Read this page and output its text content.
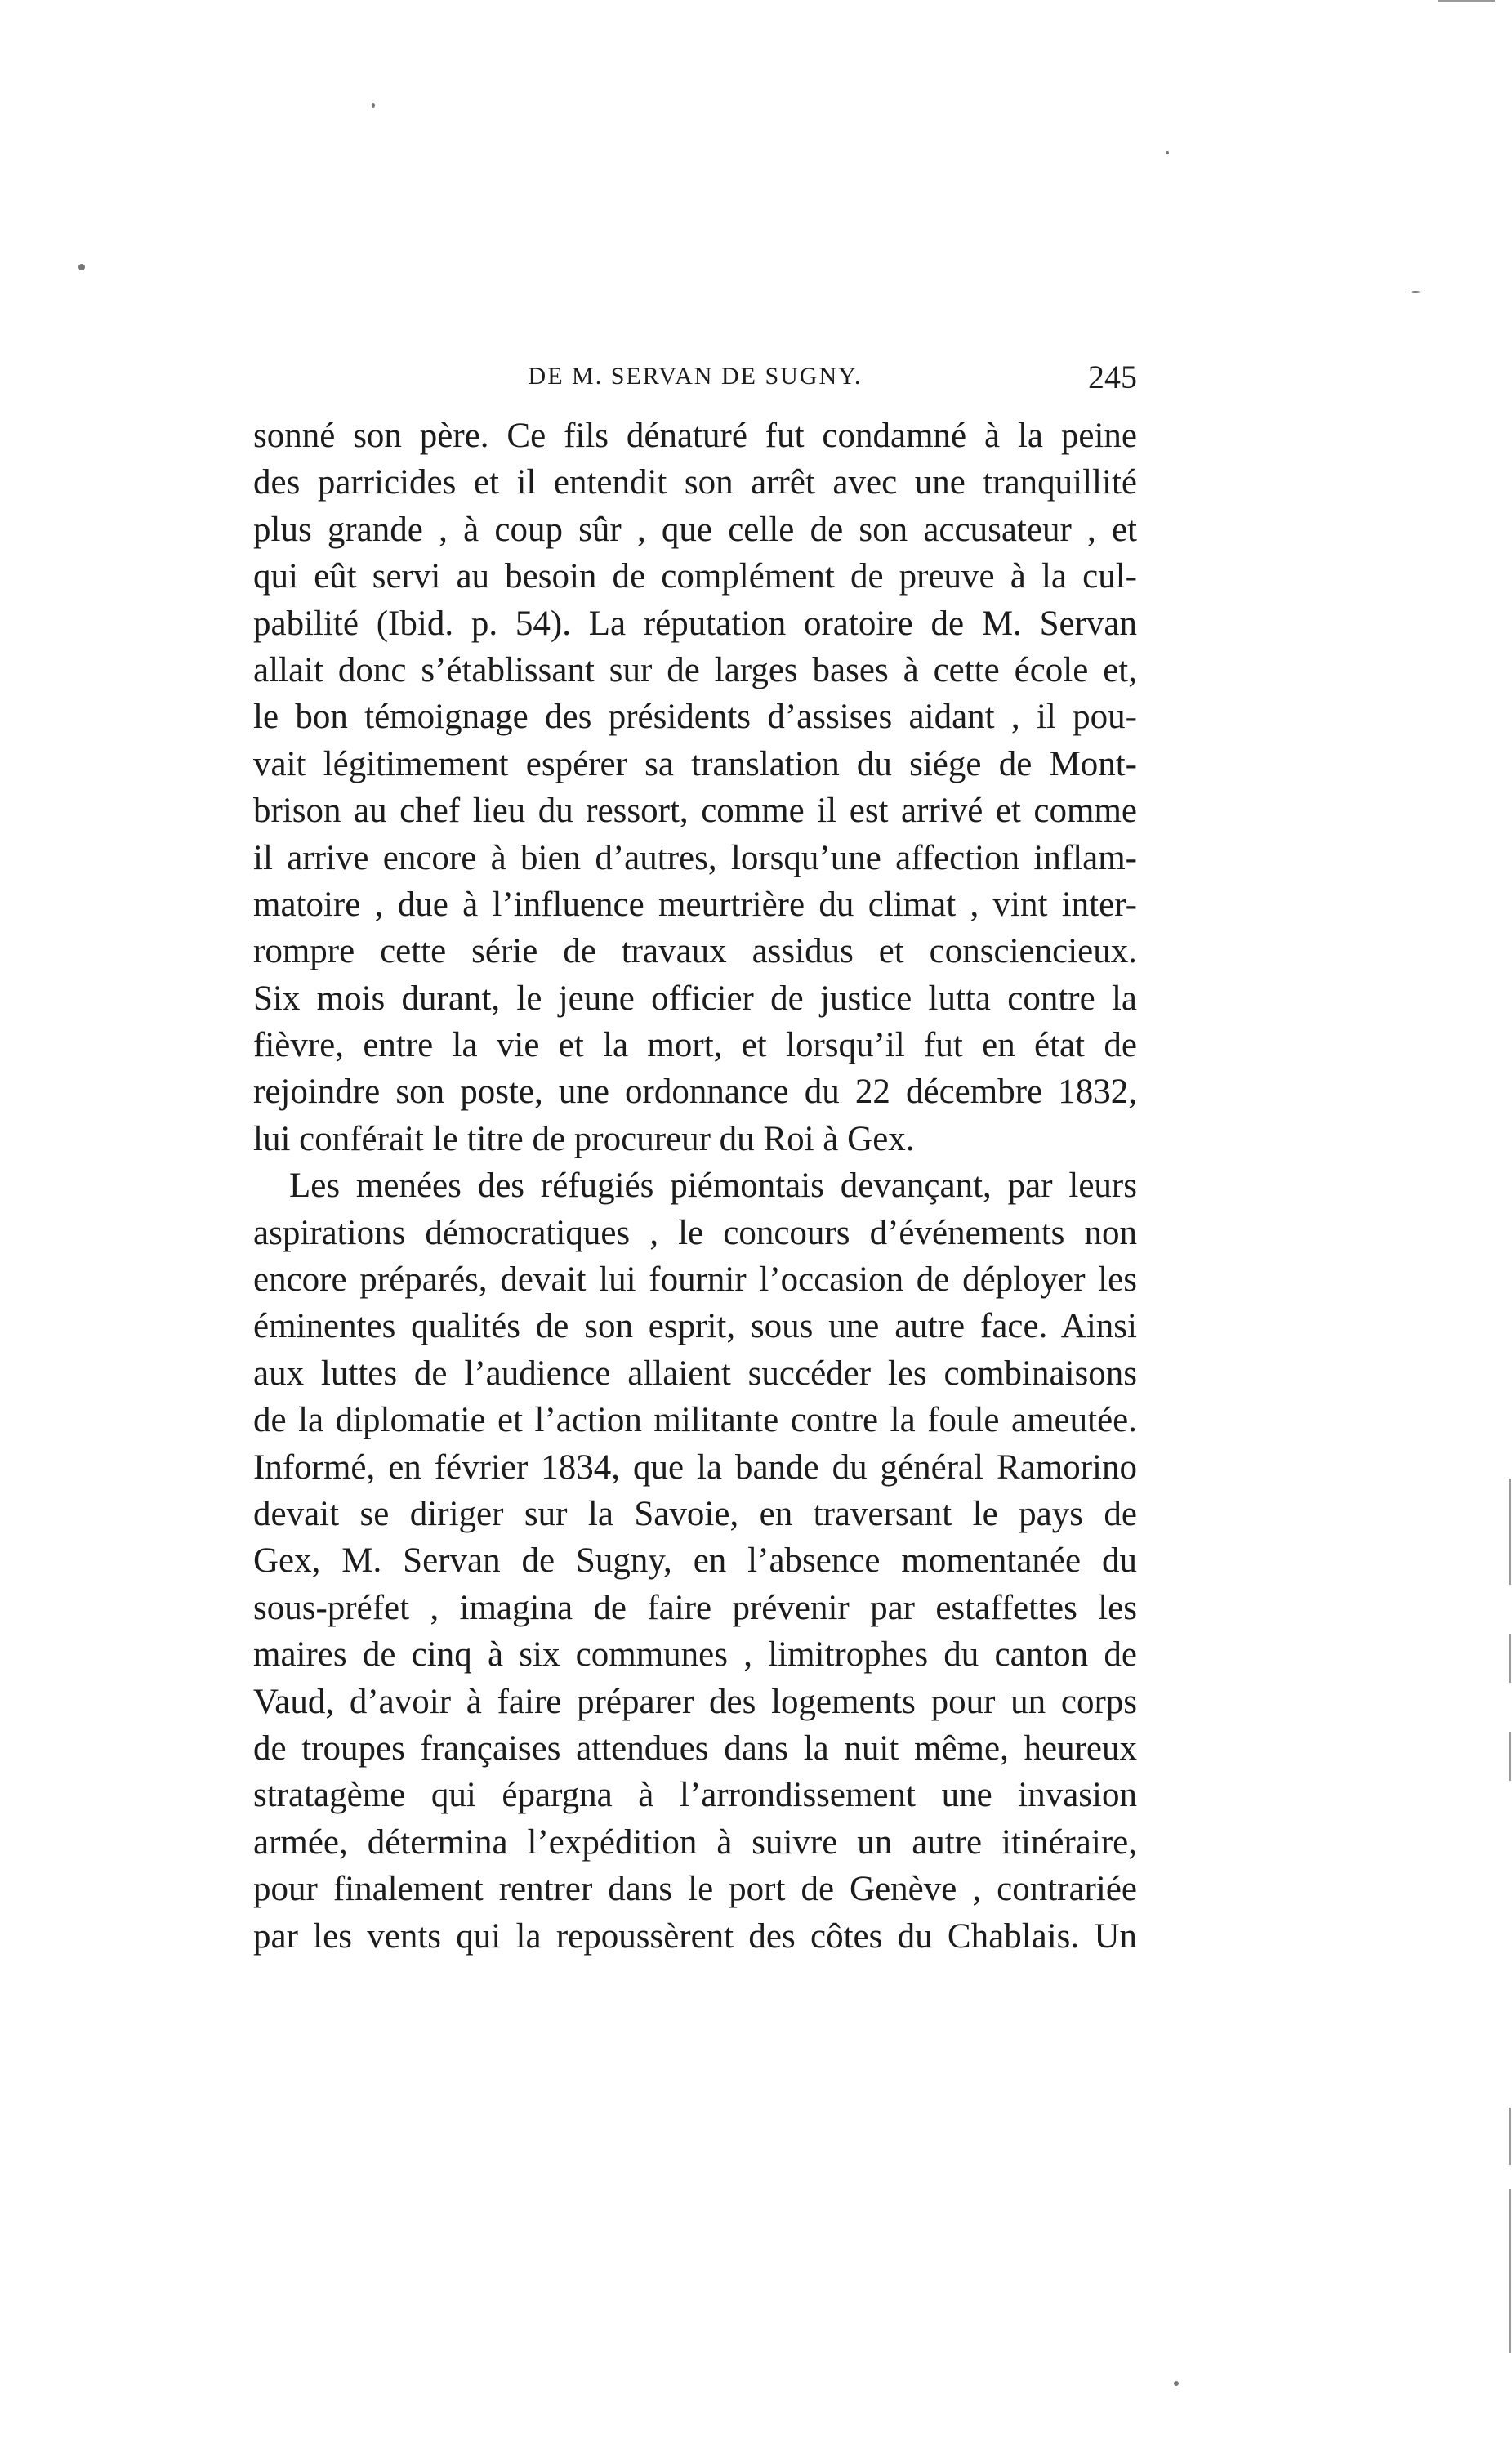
DE M. SERVAN DE SUGNY.	245
sonné son père. Ce fils dénaturé fut condamné à la peine
des parricides et il entendit son arrêt avec une tranquillité
plus grande , à coup sûr , que celle de son accusateur , et
qui eût servi au besoin de complément de preuve à la cul-
pabilité (Ibid. p. 54). La réputation oratoire de M. Servan
allait donc s’établissant sur de larges bases à cette école et,
le bon témoignage des présidents d’assises aidant , il pou-
vait légitimement espérer sa translation du siége de Mont-
brison au chef lieu du ressort, comme il est arrivé et comme
il arrive encore à bien d’autres, lorsqu’une affection inflam-
matoire , due à l’influence meurtrière du climat , vint inter-
rompre cette série de travaux assidus et consciencieux.
Six mois durant, le jeune officier de justice lutta contre la
fièvre, entre la vie et la mort, et lorsqu’il fut en état de
rejoindre son poste, une ordonnance du 22 décembre 1832,
lui conférait le titre de procureur du Roi à Gex.
Les menées des réfugiés piémontais devançant, par leurs
aspirations démocratiques , le concours d’événements non
encore préparés, devait lui fournir l’occasion de déployer les
éminentes qualités de son esprit, sous une autre face. Ainsi
aux luttes de l’audience allaient succéder les combinaisons
de la diplomatie et l’action militante contre la foule ameutée.
Informé, en février 1834, que la bande du général Ramorino
devait se diriger sur la Savoie, en traversant le pays de
Gex, M. Servan de Sugny, en l’absence momentanée du
sous-préfet , imagina de faire prévenir par estaffettes les
maires de cinq à six communes , limitrophes du canton de
Vaud, d’avoir à faire préparer des logements pour un corps
de troupes françaises attendues dans la nuit même, heureux
stratagème qui épargna à l’arrondissement une invasion
armée, détermina l’expédition à suivre un autre itinéraire,
pour finalement rentrer dans le port de Genève , contrariée
par les vents qui la repoussèrent des côtes du Chablais. Un
